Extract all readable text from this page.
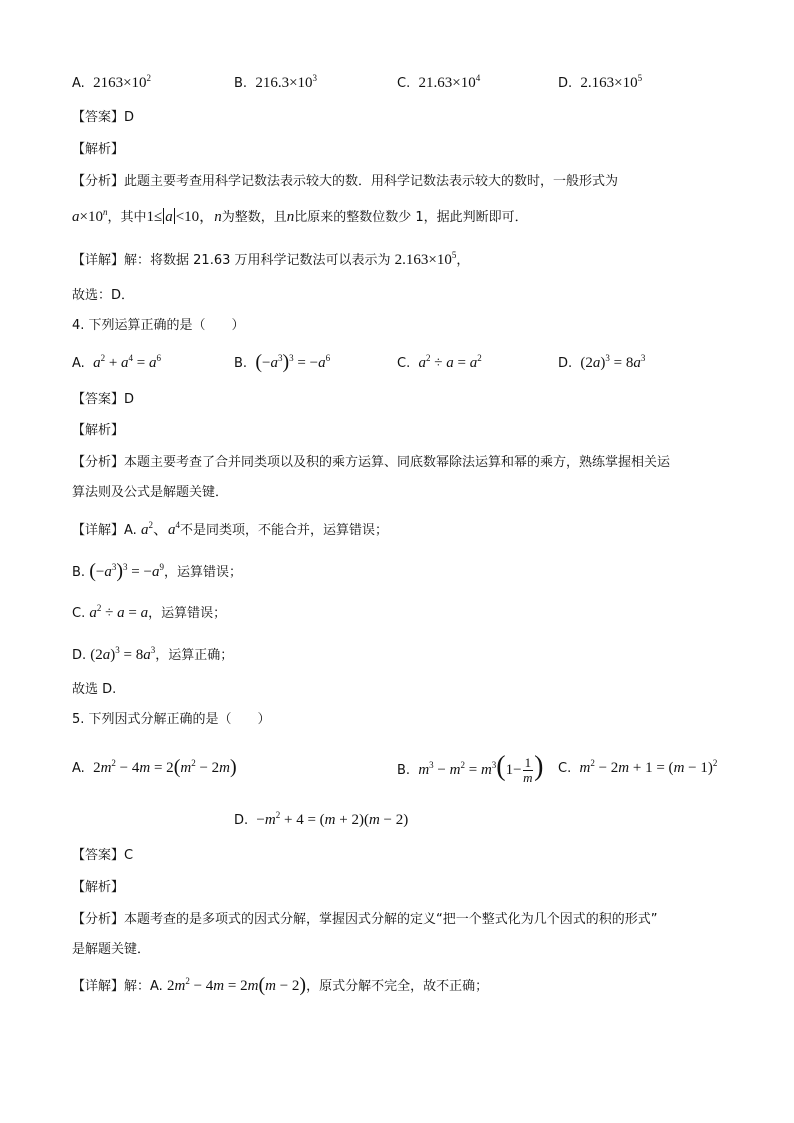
A. $2163\times 10^2$	B. $216.3\times 10^3$	C. $21.63\times 10^4$	D. $2.163\times 10^5$
【答案】D
【解析】
【分析】此题主要考查用科学记数法表示较大的数．用科学记数法表示较大的数时，一般形式为
$a\times 10^n$，其中1≤ a <10，n为整数，且n比原来的整数位数少 1，据此判断即可．
【详解】解：将数据 21.63 万用科学记数法可以表示为 $2.163\times 10^5$，
故选：D．
4. 下列运算正确的是（　　）
A.  $a^2 + a^4 = a^6$	B.  $(-a^3)^3 = -a^6$	C.  $a^2 \div a = a^2$	D.  $(2a)^3 = 8a^3$
【答案】D
【解析】
【分析】本题主要考查了合并同类项以及积的乘方运算、同底数幂除法运算和幂的乘方，熟练掌握相关运
算法则及公式是解题关键．
【详解】A. $a^2$、$a^4$不是同类项，不能合并，运算错误；
B. $(-a^3)^3 = -a^9$，运算错误；
C. $a^2 \div a = a$，运算错误；
D. $(2a)^3 = 8a^3$，运算正确；
故选 D.
5. 下列因式分解正确的是（　　）
A.  $2m^2 - 4m = 2(m^2 - 2m)$	B.  $m^3 - m^2 = m^3(1- \frac{1}{m}$ ) C.  $m^2 - 2m + 1 = (m - 1)^2$
D.  $-m^2 + 4 = (m + 2)(m - 2)$
【答案】C
【解析】
【分析】本题考查的是多项式的因式分解，掌握因式分解的定义“把一个整式化为几个因式的积的形式”
是解题关键．
【详解】解：A. $2m^2 - 4m = 2m(m - 2)$，原式分解不完全，故不正确；
